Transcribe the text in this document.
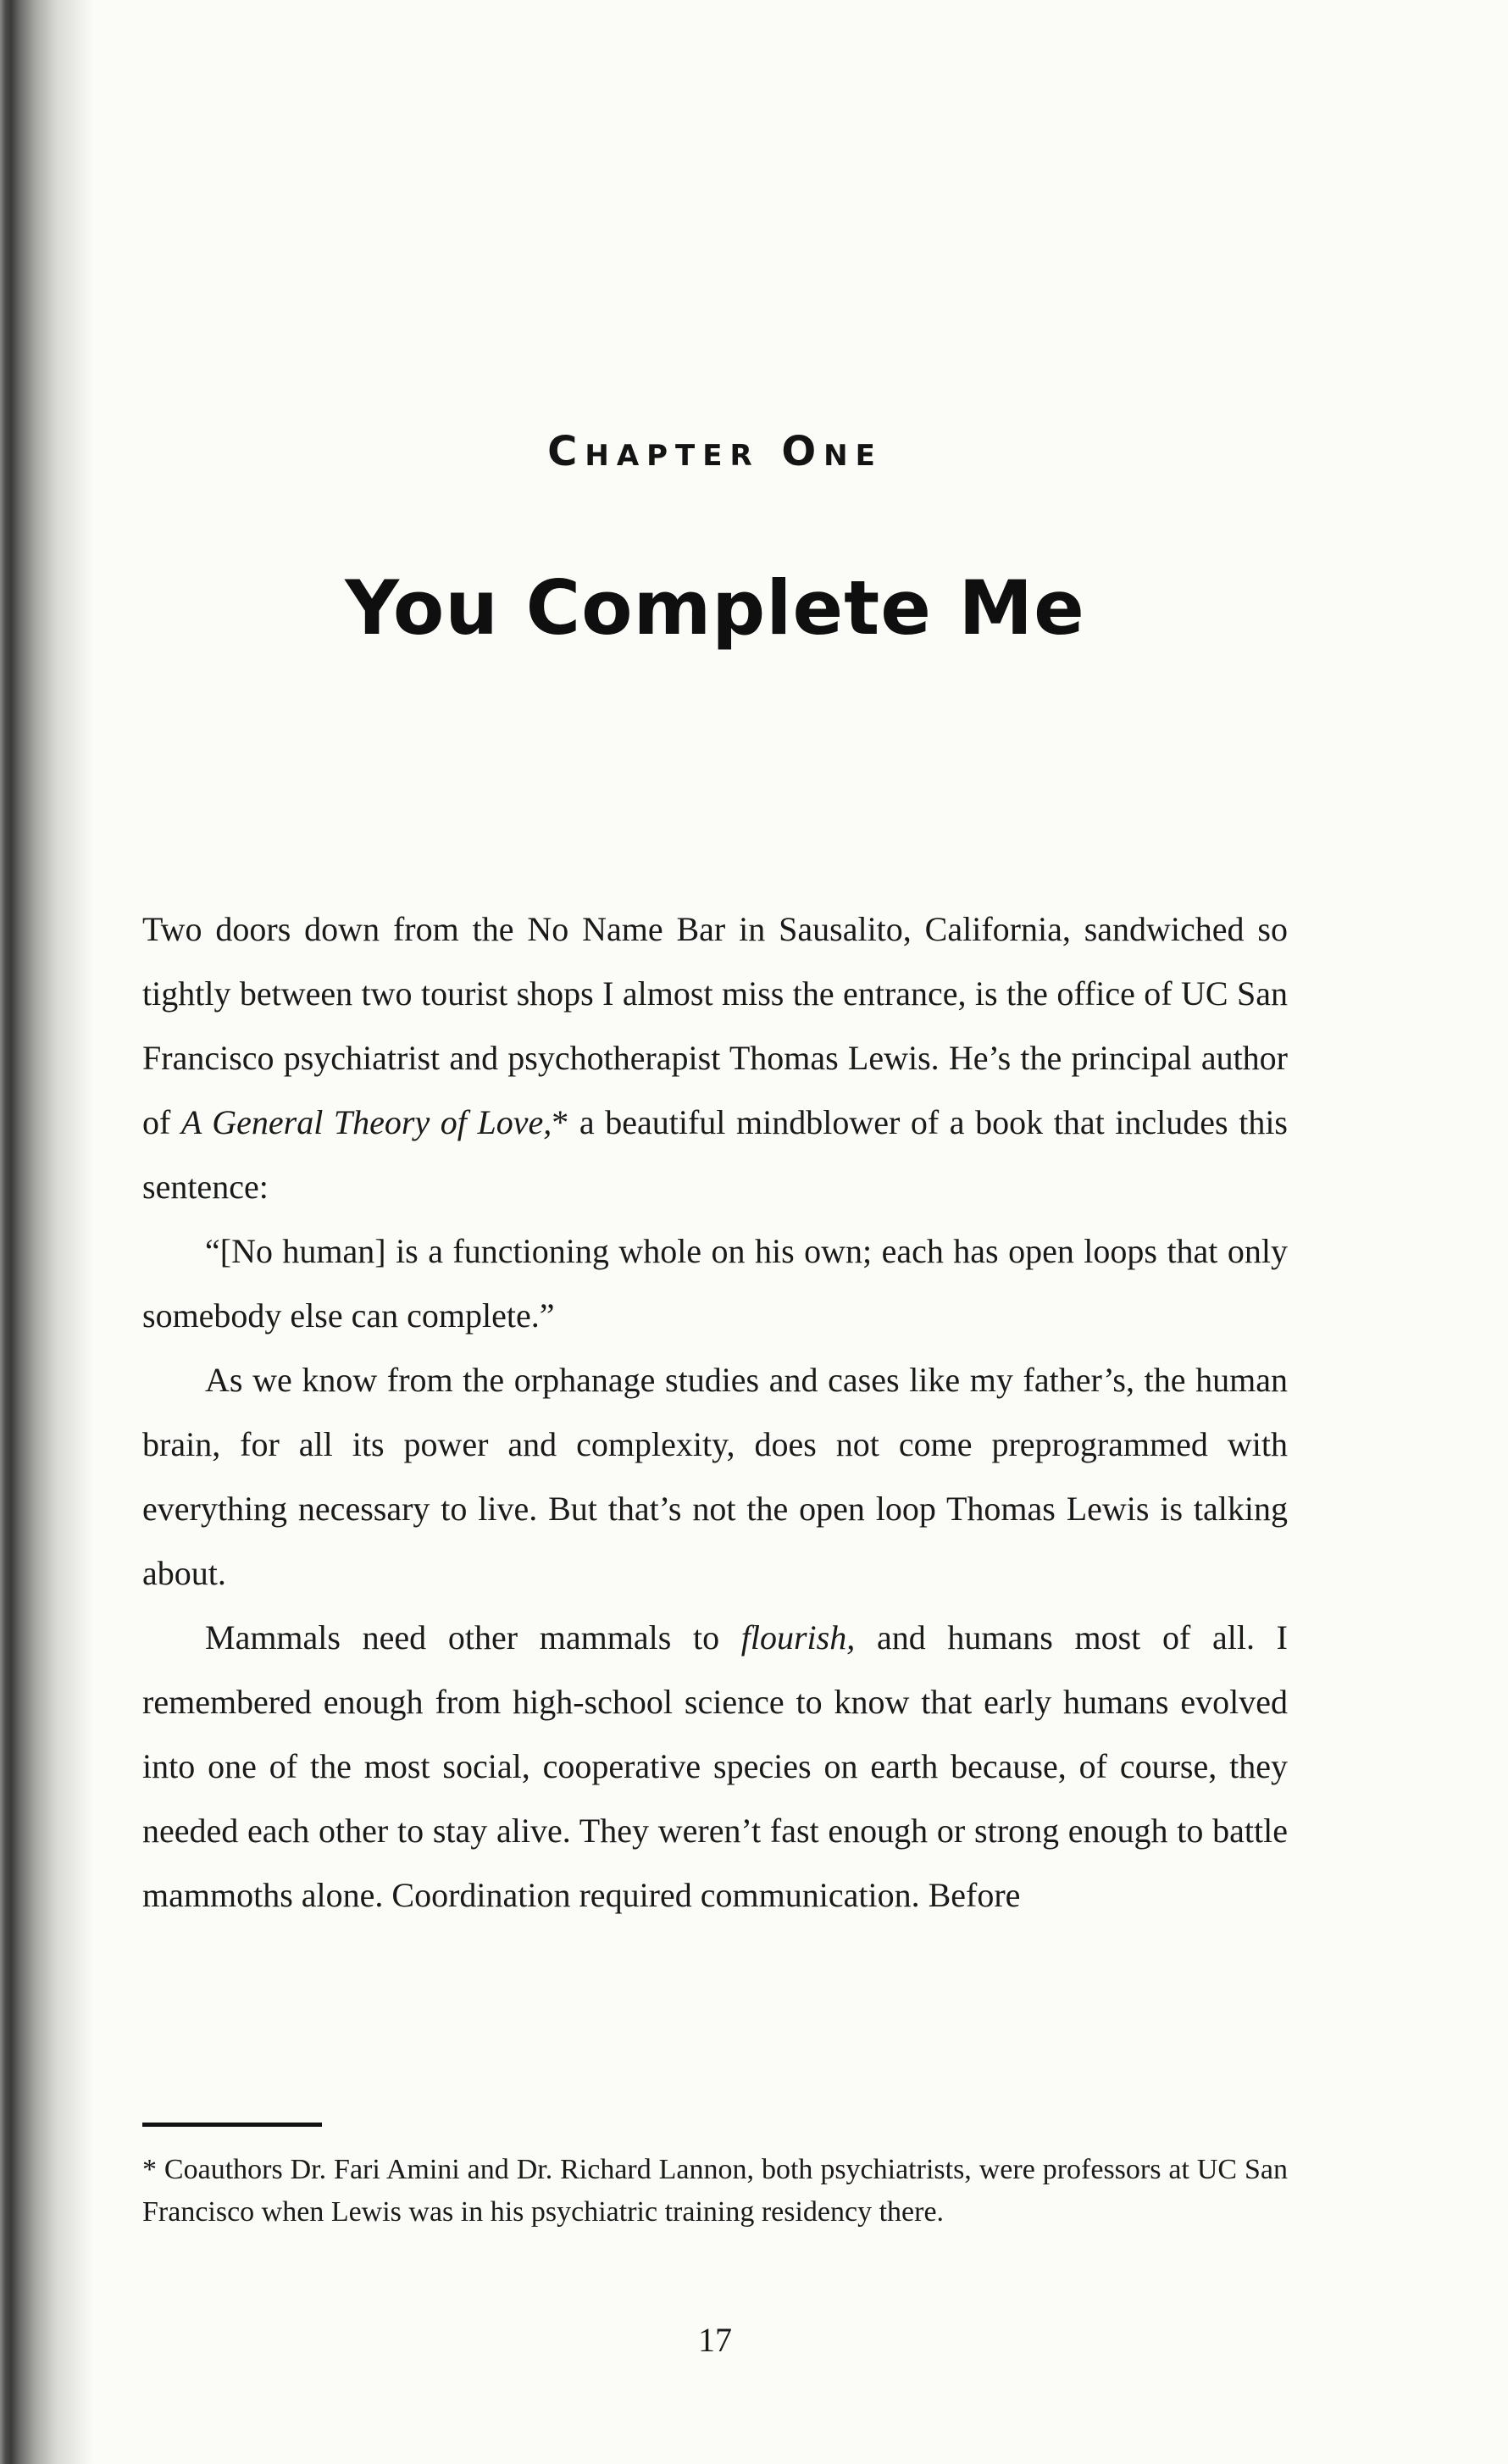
Chapter One
You Complete Me
Two doors down from the No Name Bar in Sausalito, California, sandwiched so tightly between two tourist shops I almost miss the entrance, is the office of UC San Francisco psychiatrist and psychotherapist Thomas Lewis. He’s the principal author of A General Theory of Love,* a beautiful mindblower of a book that includes this sentence:
“[No human] is a functioning whole on his own; each has open loops that only somebody else can complete.”
As we know from the orphanage studies and cases like my father’s, the human brain, for all its power and complexity, does not come preprogrammed with everything necessary to live. But that’s not the open loop Thomas Lewis is talking about.
Mammals need other mammals to flourish, and humans most of all. I remembered enough from high-school science to know that early humans evolved into one of the most social, cooperative species on earth because, of course, they needed each other to stay alive. They weren’t fast enough or strong enough to battle mammoths alone. Coordination required communication. Before
* Coauthors Dr. Fari Amini and Dr. Richard Lannon, both psychiatrists, were professors at UC San Francisco when Lewis was in his psychiatric training residency there.
17
